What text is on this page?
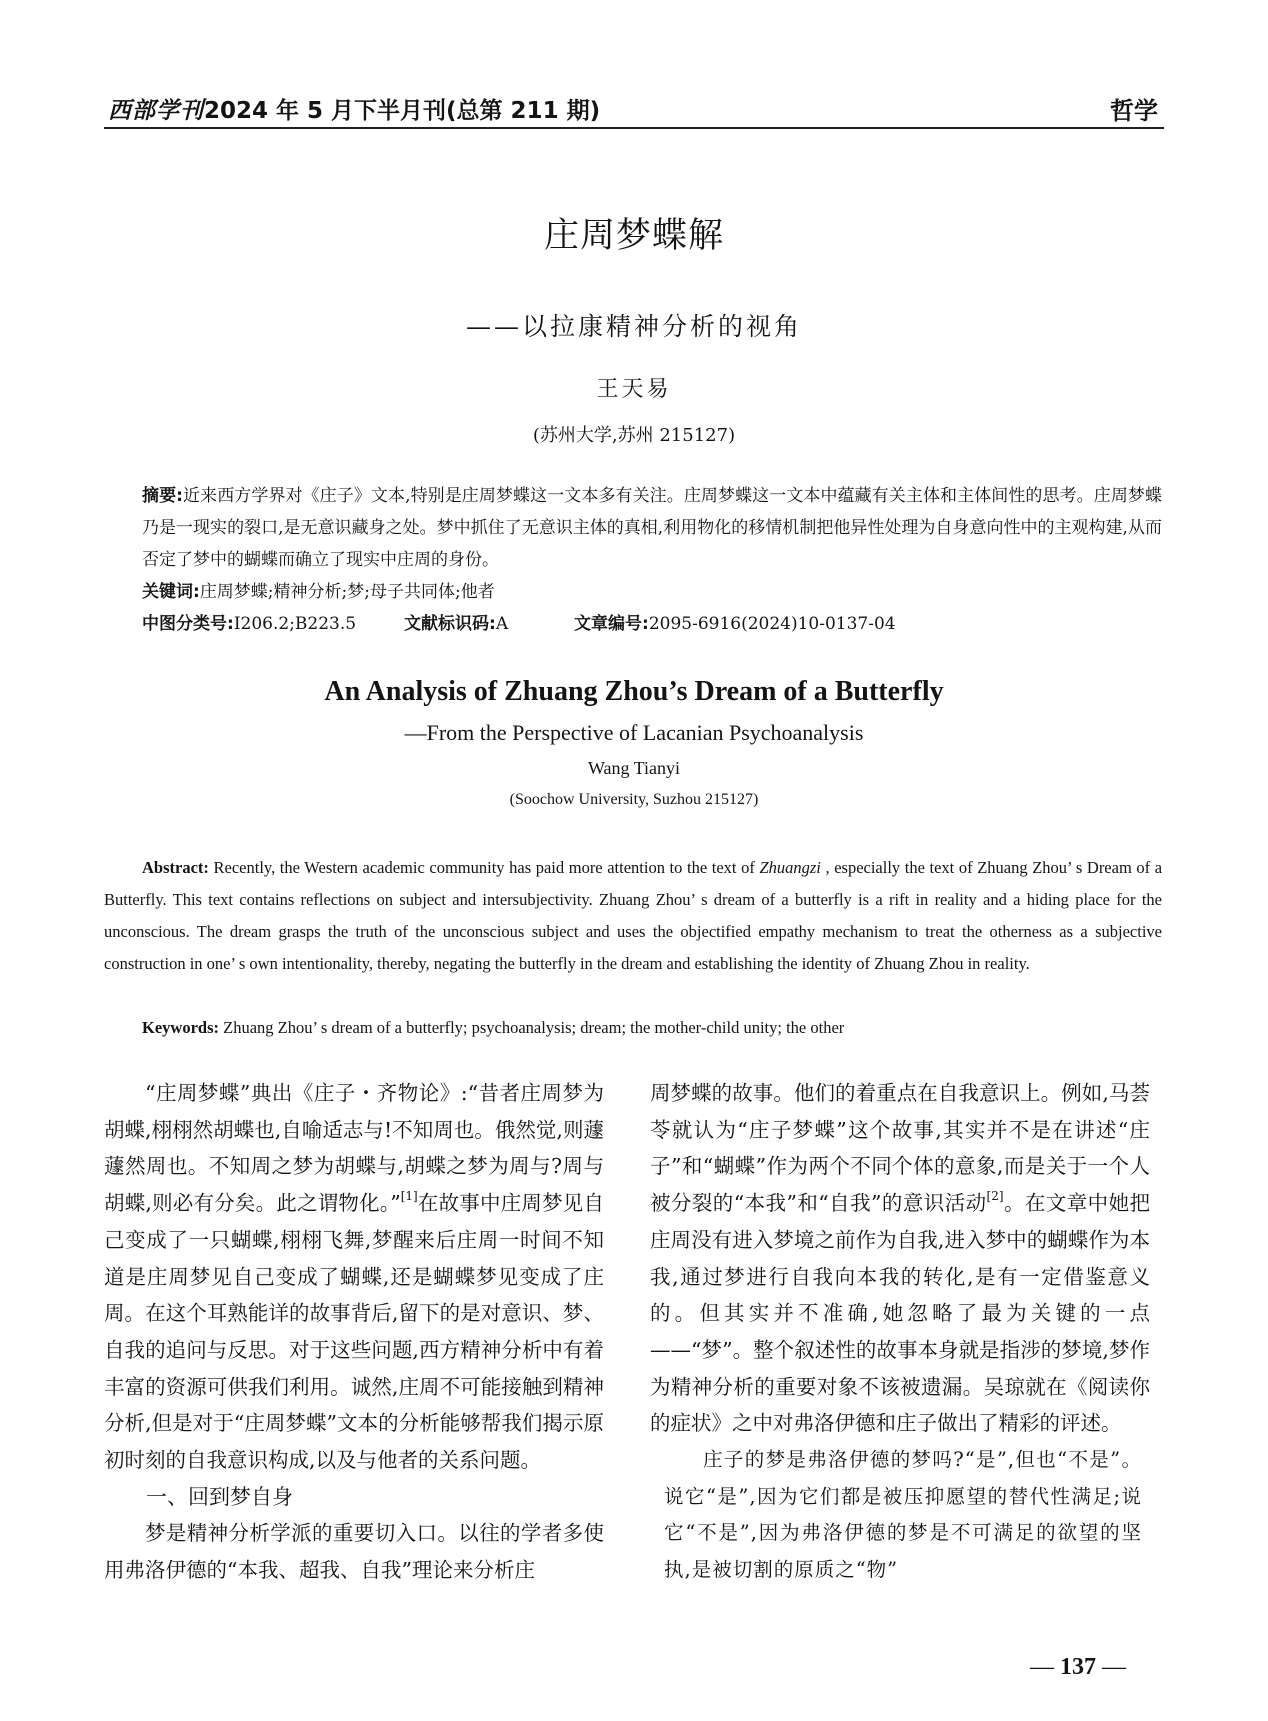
西部学刊2024 年 5 月下半月刊(总第 211 期)	哲学
庄周梦蝶解
——以拉康精神分析的视角
王天易
(苏州大学,苏州 215127)
摘要:近来西方学界对《庄子》文本,特别是庄周梦蝶这一文本多有关注。庄周梦蝶这一文本中蕴藏有关主体和主体间性的思考。庄周梦蝶乃是一现实的裂口,是无意识藏身之处。梦中抓住了无意识主体的真相,利用物化的移情机制把他异性处理为自身意向性中的主观构建,从而否定了梦中的蝴蝶而确立了现实中庄周的身份。
关键词:庄周梦蝶;精神分析;梦;母子共同体;他者
中图分类号:I206.2;B223.5	文献标识码:A	文章编号:2095-6916(2024)10-0137-04
An Analysis of Zhuang Zhou’s Dream of a Butterfly
—From the Perspective of Lacanian Psychoanalysis
Wang Tianyi
(Soochow University, Suzhou 215127)
Abstract: Recently, the Western academic community has paid more attention to the text of Zhuangzi , especially the text of Zhuang Zhou’ s Dream of a Butterfly. This text contains reflections on subject and intersubjectivity. Zhuang Zhou’ s dream of a butterfly is a rift in reality and a hiding place for the unconscious. The dream grasps the truth of the unconscious subject and uses the objectified empathy mechanism to treat the otherness as a subjective construction in one’ s own intentionality, thereby, negating the butterfly in the dream and establishing the identity of Zhuang Zhou in reality.
Keywords: Zhuang Zhou’ s dream of a butterfly; psychoanalysis; dream; the mother-child unity; the other

“庄周梦蝶”典出《庄子・齐物论》:“昔者庄周梦为胡蝶,栩栩然胡蝶也,自喻适志与!不知周也。俄然觉,则蘧蘧然周也。不知周之梦为胡蝶与,胡蝶之梦为周与?周与胡蝶,则必有分矣。此之谓物化。”[1]在故事中庄周梦见自己变成了一只蝴蝶,栩栩飞舞,梦醒来后庄周一时间不知道是庄周梦见自己变成了蝴蝶,还是蝴蝶梦见变成了庄周。在这个耳熟能详的故事背后,留下的是对意识、梦、自我的追问与反思。对于这些问题,西方精神分析中有着丰富的资源可供我们利用。诚然,庄周不可能接触到精神分析,但是对于“庄周梦蝶”文本的分析能够帮我们揭示原初时刻的自我意识构成,以及与他者的关系问题。

一、回到梦自身

梦是精神分析学派的重要切入口。以往的学者多使用弗洛伊德的“本我、超我、自我”理论来分析庄

周梦蝶的故事。他们的着重点在自我意识上。例如,马荟苓就认为“庄子梦蝶”这个故事,其实并不是在讲述“庄子”和“蝴蝶”作为两个不同个体的意象,而是关于一个人被分裂的“本我”和“自我”的意识活动[2]。在文章中她把庄周没有进入梦境之前作为自我,进入梦中的蝴蝶作为本我,通过梦进行自我向本我的转化,是有一定借鉴意义的。但其实并不准确,她忽略了最为关键的一点——“梦”。整个叙述性的故事本身就是指涉的梦境,梦作为精神分析的重要对象不该被遗漏。吴琼就在《阅读你的症状》之中对弗洛伊德和庄子做出了精彩的评述。

庄子的梦是弗洛伊德的梦吗?“是”,但也“不是”。说它“是”,因为它们都是被压抑愿望的替代性满足;说它“不是”,因为弗洛伊德的梦是不可满足的欲望的坚执,是被切割的原质之“物”

— 137 —
